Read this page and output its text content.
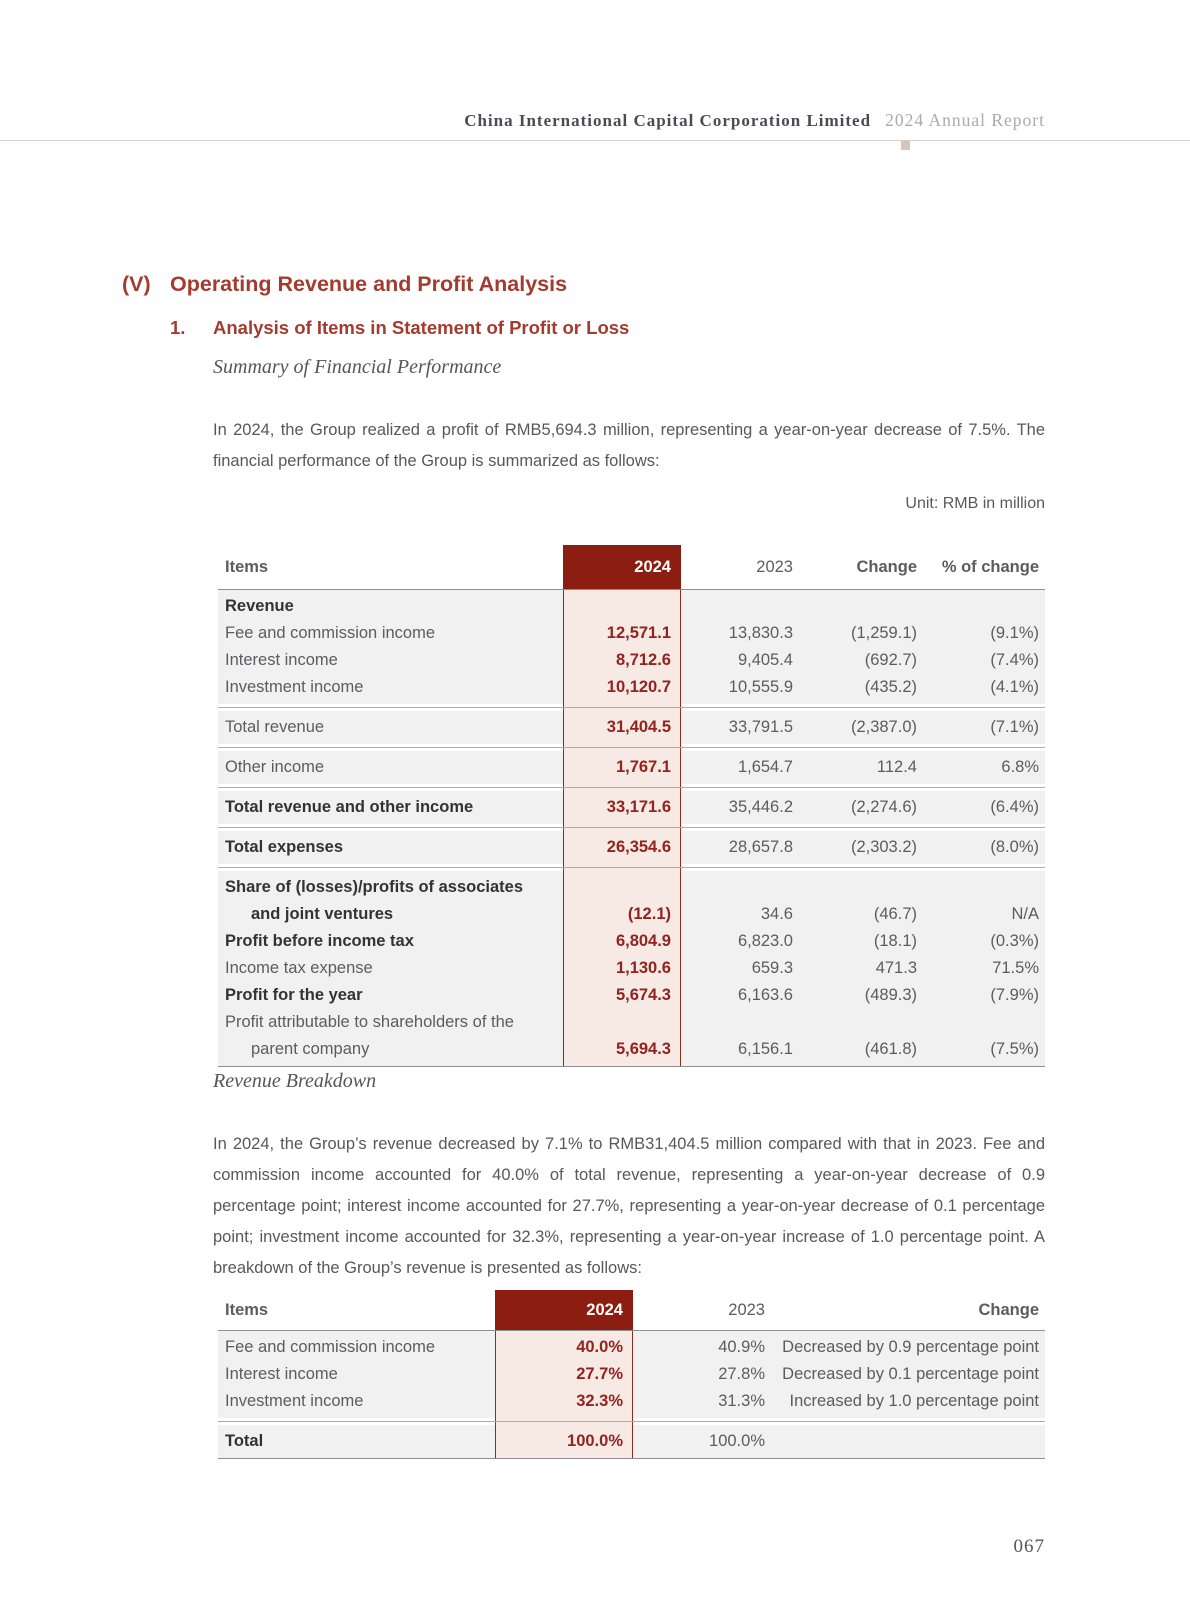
China International Capital Corporation Limited 2024 Annual Report
(V) Operating Revenue and Profit Analysis
1.	Analysis of Items in Statement of Profit or Loss
Summary of Financial Performance

In 2024, the Group realized a profit of RMB5,694.3 million, representing a year-on-year decrease of 7.5%. The financial performance of the Group is summarized as follows:

Unit: RMB in million
Items	2024	2023	Change	% of change
Revenue
Fee and commission income	12,571.1	13,830.3	(1,259.1)	(9.1%)
Interest income	8,712.6	9,405.4	(692.7)	(7.4%)
Investment income	10,120.7	10,555.9	(435.2)	(4.1%)
Total revenue	31,404.5	33,791.5	(2,387.0)	(7.1%)
Other income	1,767.1	1,654.7	112.4	6.8%
Total revenue and other income	33,171.6	35,446.2	(2,274.6)	(6.4%)
Total expenses	26,354.6	28,657.8	(2,303.2)	(8.0%)
Share of (losses)/profits of associates
and joint ventures	(12.1)	34.6	(46.7)	N/A
Profit before income tax	6,804.9	6,823.0	(18.1)	(0.3%)
Income tax expense	1,130.6	659.3	471.3	71.5%
Profit for the year	5,674.3	6,163.6	(489.3)	(7.9%)
Profit attributable to shareholders of the
parent company	5,694.3	6,156.1	(461.8)	(7.5%)
Revenue Breakdown

In 2024, the Group’s revenue decreased by 7.1% to RMB31,404.5 million compared with that in 2023. Fee and commission income accounted for 40.0% of total revenue, representing a year-on-year decrease of 0.9 percentage point; interest income accounted for 27.7%, representing a year-on-year decrease of 0.1 percentage point; investment income accounted for 32.3%, representing a year-on-year increase of 1.0 percentage point. A breakdown of the Group’s revenue is presented as follows:

Items	2024	2023	Change
Fee and commission income	40.0%	40.9%	Decreased by 0.9 percentage point
Interest income	27.7%	27.8%	Decreased by 0.1 percentage point
Investment income	32.3%	31.3%	Increased by 1.0 percentage point
Total	100.0%	100.0%
067
